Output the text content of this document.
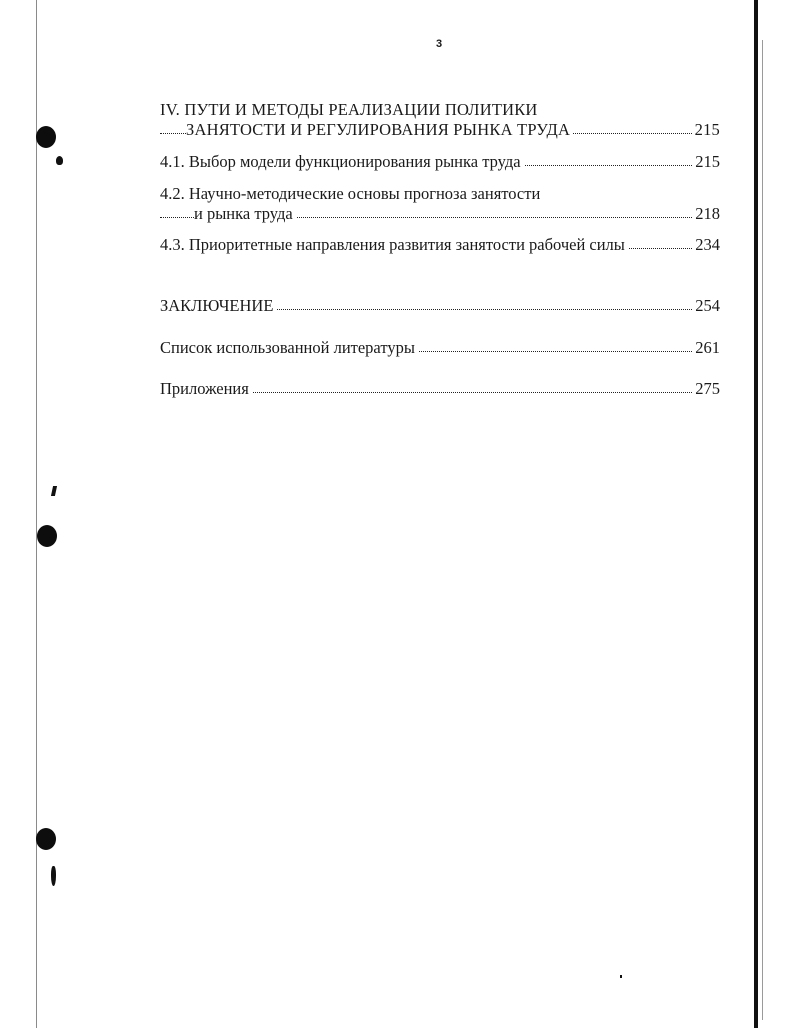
3
IV. ПУТИ И МЕТОДЫ РЕАЛИЗАЦИИ ПОЛИТИКИ
ЗАНЯТОСТИ И РЕГУЛИРОВАНИЯ РЫНКА ТРУДА	215
4.1. Выбор модели функционирования рынка труда	215
4.2. Научно-методические основы прогноза занятости
и рынка труда	218
4.3. Приоритетные направления развития занятости рабочей силы	234
ЗАКЛЮЧЕНИЕ	254
Список использованной литературы	261
Приложения	275
